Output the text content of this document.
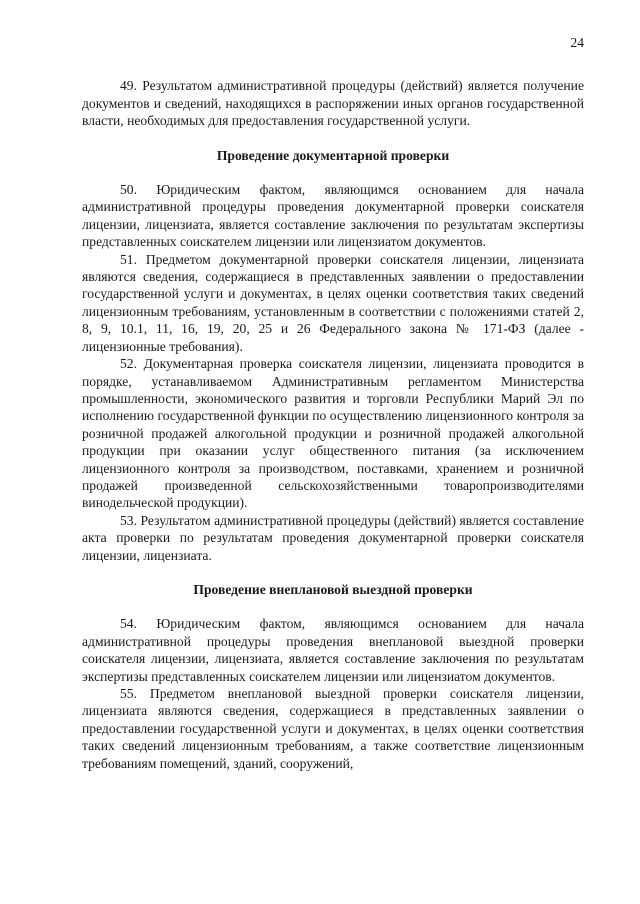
24

49. Результатом административной процедуры (действий) является получение документов и сведений, находящихся в распоряжении иных органов государственной власти, необходимых для предоставления государственной услуги.

Проведение документарной проверки

50. Юридическим фактом, являющимся основанием для начала административной процедуры проведения документарной проверки соискателя лицензии, лицензиата, является составление заключения по результатам экспертизы представленных соискателем лицензии или лицензиатом документов.

51. Предметом документарной проверки соискателя лицензии, лицензиата являются сведения, содержащиеся в представленных заявлении о предоставлении государственной услуги и документах, в целях оценки соответствия таких сведений лицензионным требованиям, установленным в соответствии с положениями статей 2, 8, 9, 10.1, 11, 16, 19, 20, 25 и 26 Федерального закона № 171-ФЗ (далее - лицензионные требования).

52. Документарная проверка соискателя лицензии, лицензиата проводится в порядке, устанавливаемом Административным регламентом Министерства промышленности, экономического развития и торговли Республики Марий Эл по исполнению государственной функции по осуществлению лицензионного контроля за розничной продажей алкогольной продукции и розничной продажей алкогольной продукции при оказании услуг общественного питания (за исключением лицензионного контроля за производством, поставками, хранением и розничной продажей произведенной сельскохозяйственными товаропроизводителями винодельческой продукции).

53. Результатом административной процедуры (действий) является составление акта проверки по результатам проведения документарной проверки соискателя лицензии, лицензиата.

Проведение внеплановой выездной проверки

54. Юридическим фактом, являющимся основанием для начала административной процедуры проведения внеплановой выездной проверки соискателя лицензии, лицензиата, является составление заключения по результатам экспертизы представленных соискателем лицензии или лицензиатом документов.

55. Предметом внеплановой выездной проверки соискателя лицензии, лицензиата являются сведения, содержащиеся в представленных заявлении о предоставлении государственной услуги и документах, в целях оценки соответствия таких сведений лицензионным требованиям, а также соответствие лицензионным требованиям помещений, зданий, сооружений,
